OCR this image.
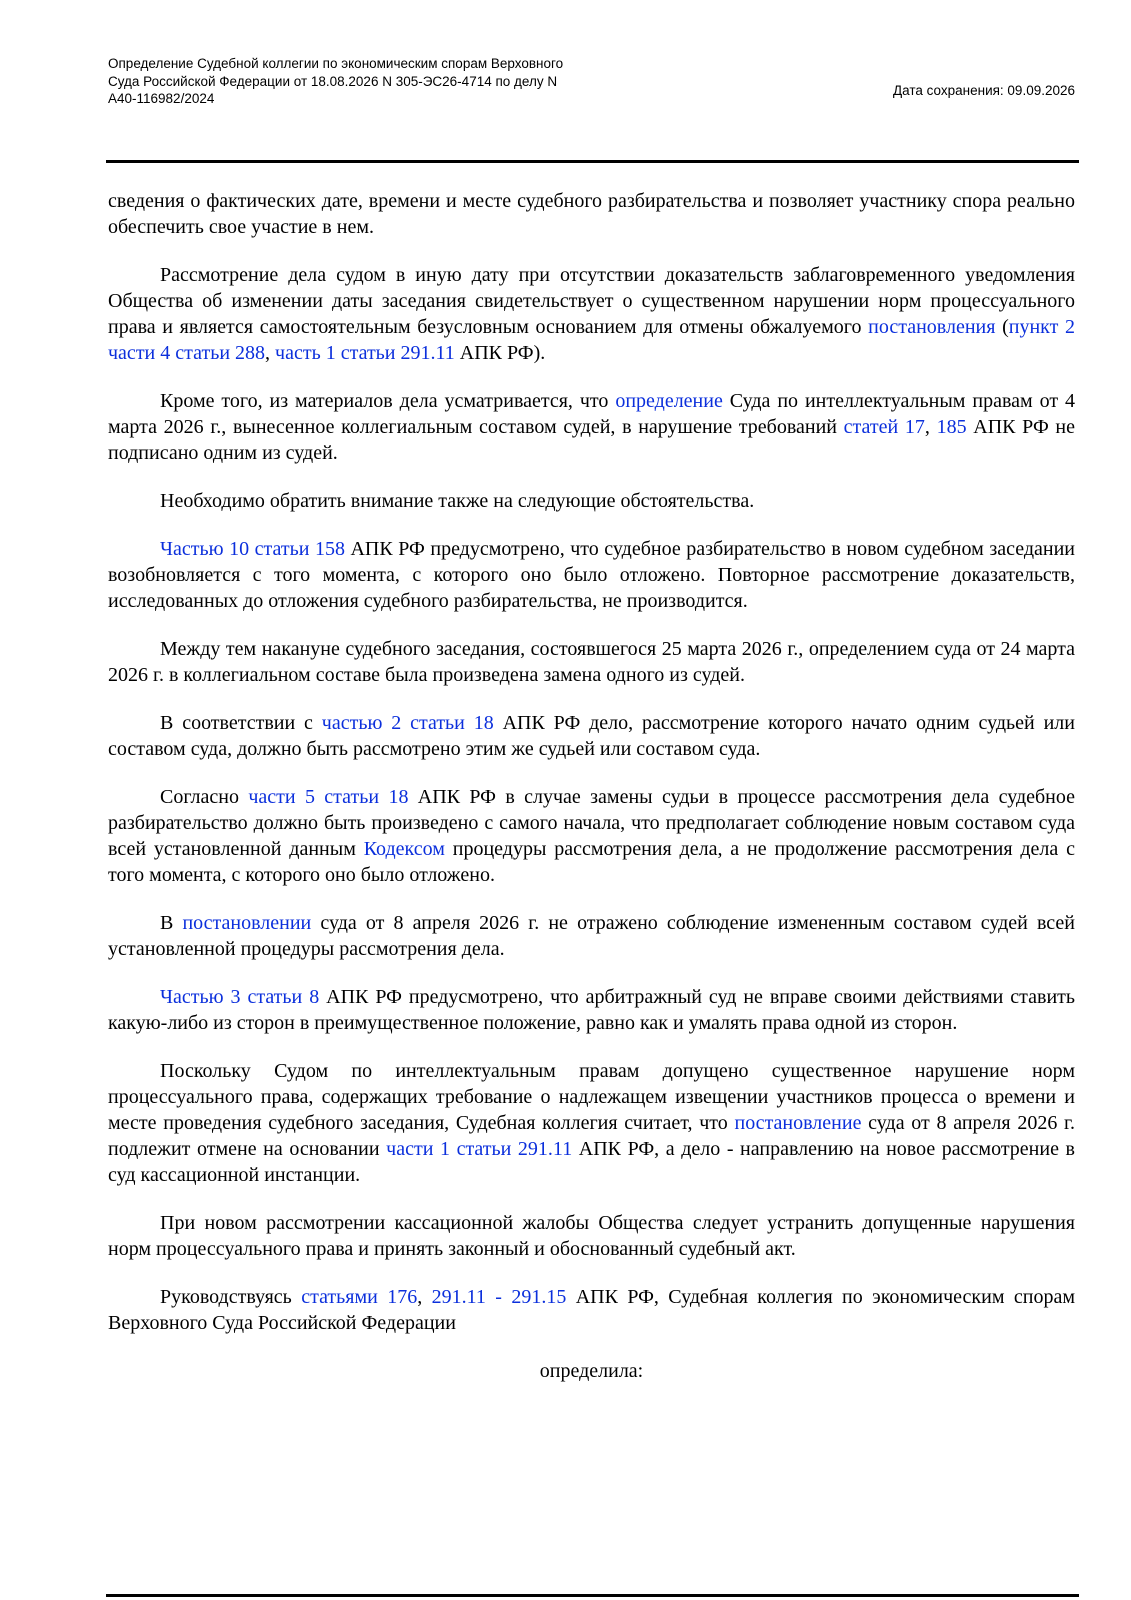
Определение Судебной коллегии по экономическим спорам Верховного
Суда Российской Федерации от 18.08.2026 N 305-ЭС26-4714 по делу N
А40-116982/2024
Дата сохранения: 09.09.2026

сведения о фактических дате, времени и месте судебного разбирательства и позволяет участнику спора реально обеспечить свое участие в нем.

Рассмотрение дела судом в иную дату при отсутствии доказательств заблаговременного уведомления Общества об изменении даты заседания свидетельствует о существенном нарушении норм процессуального права и является самостоятельным безусловным основанием для отмены обжалуемого постановления (пункт 2 части 4 статьи 288, часть 1 статьи 291.11 АПК РФ).

Кроме того, из материалов дела усматривается, что определение Суда по интеллектуальным правам от 4 марта 2026 г., вынесенное коллегиальным составом судей, в нарушение требований статей 17, 185 АПК РФ не подписано одним из судей.

Необходимо обратить внимание также на следующие обстоятельства.

Частью 10 статьи 158 АПК РФ предусмотрено, что судебное разбирательство в новом судебном заседании возобновляется с того момента, с которого оно было отложено. Повторное рассмотрение доказательств, исследованных до отложения судебного разбирательства, не производится.

Между тем накануне судебного заседания, состоявшегося 25 марта 2026 г., определением суда от 24 марта 2026 г. в коллегиальном составе была произведена замена одного из судей.

В соответствии с частью 2 статьи 18 АПК РФ дело, рассмотрение которого начато одним судьей или составом суда, должно быть рассмотрено этим же судьей или составом суда.

Согласно части 5 статьи 18 АПК РФ в случае замены судьи в процессе рассмотрения дела судебное разбирательство должно быть произведено с самого начала, что предполагает соблюдение новым составом суда всей установленной данным Кодексом процедуры рассмотрения дела, а не продолжение рассмотрения дела с того момента, с которого оно было отложено.

В постановлении суда от 8 апреля 2026 г. не отражено соблюдение измененным составом судей всей установленной процедуры рассмотрения дела.

Частью 3 статьи 8 АПК РФ предусмотрено, что арбитражный суд не вправе своими действиями ставить какую-либо из сторон в преимущественное положение, равно как и умалять права одной из сторон.

Поскольку Судом по интеллектуальным правам допущено существенное нарушение норм процессуального права, содержащих требование о надлежащем извещении участников процесса о времени и месте проведения судебного заседания, Судебная коллегия считает, что постановление суда от 8 апреля 2026 г. подлежит отмене на основании части 1 статьи 291.11 АПК РФ, а дело - направлению на новое рассмотрение в суд кассационной инстанции.

При новом рассмотрении кассационной жалобы Общества следует устранить допущенные нарушения норм процессуального права и принять законный и обоснованный судебный акт.

Руководствуясь статьями 176, 291.11 - 291.15 АПК РФ, Судебная коллегия по экономическим спорам Верховного Суда Российской Федерации

определила:
